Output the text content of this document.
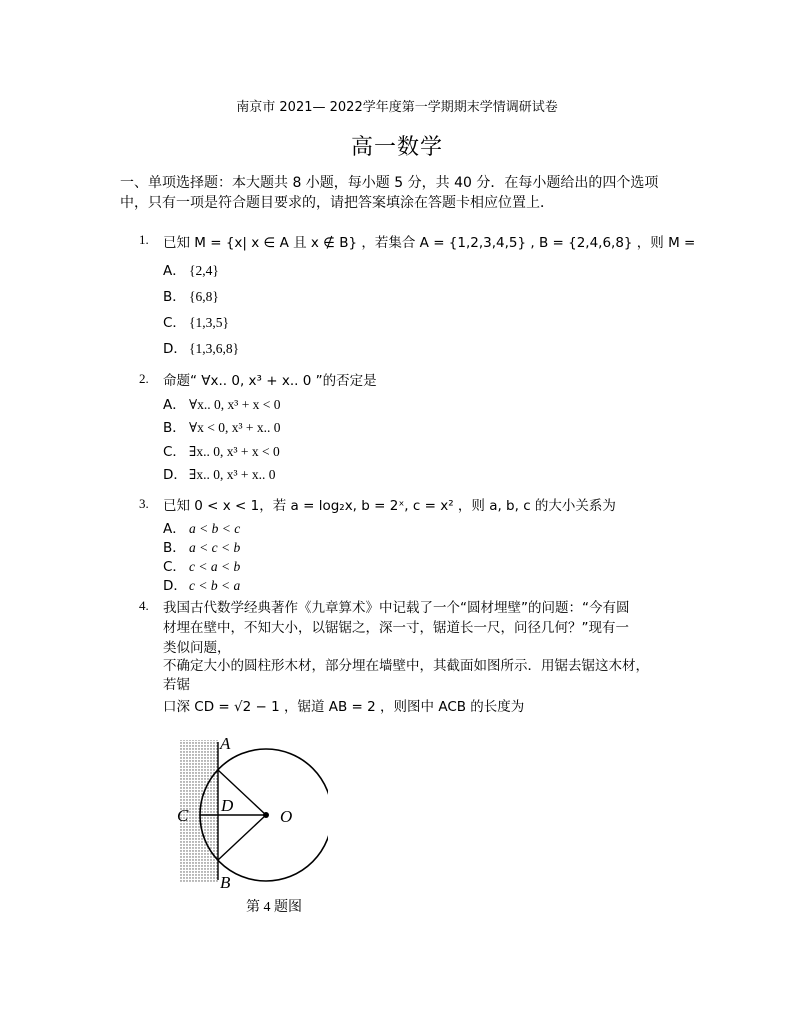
南京市 2021— 2022学年度第一学期期末学情调研试卷
高一数学
一、单项选择题：本大题共 8 小题，每小题 5 分，共 40 分．在每小题给出的四个选项
中，只有一项是符合题目要求的，请把答案填涂在答题卡相应位置上．
1. 已知 M = {x| x ∈ A 且 x ∉ B} ，若集合 A = {1,2,3,4,5} , B = {2,4,6,8} ，则 M =
A． {2,4}
B． {6,8}
C． {1,3,5}
D． {1,3,6,8}
2. 命题“ ∀x.. 0, x³ + x.. 0 ”的否定是
A． ∀x.. 0, x³ + x < 0
B． ∀x < 0, x³ + x.. 0
C． ∃x.. 0, x³ + x < 0
D． ∃x.. 0, x³ + x.. 0
3. 已知 0 < x < 1，若 a = log₂x, b = 2ˣ, c = x² ，则 a, b, c 的大小关系为
A． a < b < c
B． a < c < b
C． c < a < b
D． c < b < a
4. 我国古代数学经典著作《九章算术》中记载了一个“圆材埋壁”的问题：“今有圆
材埋在壁中，不知大小，以锯锯之，深一寸，锯道长一尺，问径几何？”现有一
类似问题，
不确定大小的圆柱形木材，部分埋在墙壁中，其截面如图所示．用锯去锯这木材，
若锯
口深 CD = √2 − 1 ，锯道 AB = 2 ，则图中 ACB 的长度为
A
B
C
D
O
第 4 题图
